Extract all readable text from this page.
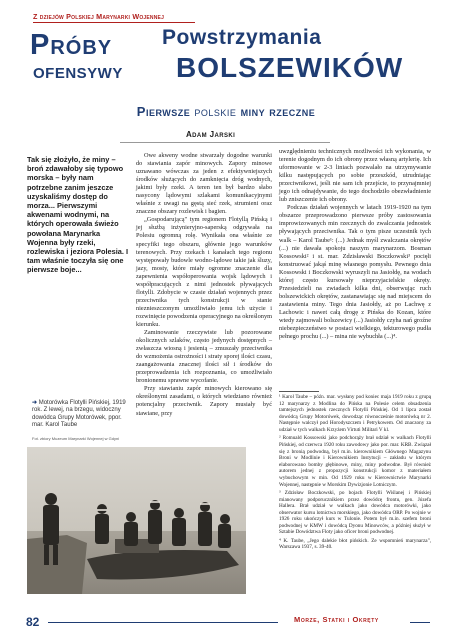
Z dziejów Polskiej Marynarki Wojennej
Próby Powstrzymania
ofensywy BOLSZEWIKÓW
Pierwsze polskie miny rzeczne
Adam Jarski
Tak się złożyło, że miny – broń zdawałoby się typowo morska – były nam potrzebne zanim jeszcze uzyskaliśmy dostęp do morza... Pierwszymi akwenami wodnymi, na których operowała świeżo powołana Marynarka Wojenna były rzeki, rozlewiska i jeziora Polesia. I tam właśnie toczyła się one pierwsze boje...

Owe akweny wodne stwarzały dogodne warunki do stawiania zapór minowych. Zapory minowe uznawano wówczas za jeden z efektywniejszych środków służących do zamknięcia dróg wodnych, jakimi były rzeki. A teren ten był bardzo słabo nasycony lądowymi szlakami komunikacyjnymi właśnie z uwagi na gęstą sieć rzek, strumieni oraz znaczne obszary rozlewisk i bagien.

„Gospodarującą" tym regionem Flotyllą Pińską i jej służbą inżynieryjno-saperską odgrywała na Polesiu ogromną rolę. Wynikała ona właśnie ze specyfiki tego obszaru, głównie jego warunków terenowych. Przy rzekach i kanałach tego regionu występowały budowle wodno-lądowe takie jak śluzy, jazy, mosty, które miały ogromne znaczenie dla zapewnienia współoperowania wojsk lądowych i współpracujących z nimi jednostek pływających flotylli. Zdobycie w czasie działań wojennych przez przeciwnika tych konstrukcji w stanie nieznieszczonym umożliwiało jemu ich użycie i rozwinięcie powodzenia operacyjnego na określonym kierunku.

Zaminowanie rzeczywiste lub pozorowane okolicznych szlaków, często jedynych dostępnych – zwłaszcza wiosną i jesienią – zmuszały przeciwnika do wzmożenia ostrożności i straty sporej ilości czasu, zaangażowania znacznej ilości sił i środków do przeprowadzenia ich rozpoznania, co umożliwiało bronionemu sprawne wycofanie.

Przy stawianiu zapór minowych kierowano się określonymi zasadami, o których wiedziano również potencjalny przeciwnik. Zapory musiały być stawiane, przy

uwzględnieniu technicznych możliwości ich wykonania, w terenie dogodnym do ich obrony przez własną artylerię. Ich uformowanie w 2-3 liniach pozwalało na utrzymywanie kilku następujących po sobie przeszkód, utrudniając przeciwnikowi, jeśli nie sam ich przejście, to przynajmniej jego ich odnajdywanie, do tego dochodziło obezwładnienie lub zniszczenie ich obrony.

Podczas działań wojennych w latach 1919-1920 na tym obszarze przeprowadzono pierwsze próby zastosowania improwizowanych min rzecznych do zwalczania jednostek pływających przeciwnika. Tak o tym pisze uczestnik tych walk – Karol Taube¹: (...) Jednak myśl zwalczania okrętów (...) nie dawała spokoju naszym marynarzom. Bosman Kossowski² i st. mar. Zdzisławski Boczkowski³ pocięli konstruować jakąś minę własnego pomysłu. Pewnego dnia Kossowski i Boczkowski wyruszyli na Jasiołdę, na wodach której często kursowały nieprzyjacielskie okręty. Przesiedzieli na zwiadach kilka dni, obserwując ruch bolszewickich okrętów, zastanawiając się nad miejscem do zastawienia miny. Tego dnia Jasiołdy, aż po Lachwę z Lachowic i nawet całą drogę z Pińska do Kozan, które wtedy zajmowali bolszewicy (...) Jasiołdy czyha nań groźne niebezpieczeństwo w postaci wielkiego, tekturowego pudła pełnego prochu (...) – mina nie wybuchła (...)⁴.

¹ Karol Taube – późn. mar. wysłany pod koniec maja 1919 roku z grupą 12 marynarzy z Modlina do Pińska na Polesie celem obsadzenia tamtejszych jednostek rzecznych Flotylli Pińskiej. Od 1 lipca został dowódcą Grupy Motorówek, dowodząc równocześnie motorówką nr 2. Następnie walczył pod Horodyszczem i Petrykowem. Od znaczony za udział w tych walkach Krzyżem Virtuti Militari V kl.

² Romuald Kossowski jako podchorąży brał udział w walkach Flotylli Pińskiej, od czerwca 1920 roku zawodowy jako por. mar. KRB. Związał się z bronią podwodną, był m.in. kierownikiem Głównego Magazynu Broni w Modlinie i Kierownikiem Instytucji – zakładu w którym elaborowano bomby głębinowe, miny, miny podwodne. Był również autorem jednej z propozycji konstrukcji komor z materiałem wybuchowym w min. Od 1929 roku w Kierownictwie Marynarki Wojennej, następnie w Morskim Dywizjonie Lotniczym.

³ Zdzisław Boczkowski, po bojach Flotylli Wiślanej i Pińskiej mianowany podporucznikiem przez dowódcę frontu, gen. Józefa Hallera. Brał udział w walkach jako dowódca motorówki, jako obserwator kursu lotnictwa morskiego, jako dowódca ORP. Po wojnie w 1926 roku ukończył kurs w Tulonie. Potem był m.in. szefem broni podwodnej w KMW i dowódcą Dyonu Minowców, a później służył w Sztabie Dowództwa Floty jako oficer broni podwodnej.

⁴ K. Taube, „Jego dalekie błot pińskich. Ze wspomnień marynarza", Warszawa 1937, s. 39-40.

➜ Motorówka Flotylli Pińskiej, 1919 rok. Z lewej, na brzegu, widoczny dowódca Grupy Motorówek, ppor. mar. Karol Taube
Fot. zbiory Muzeum Marynarki Wojennej w Gdyni
82	Morze, Statki i Okręty
